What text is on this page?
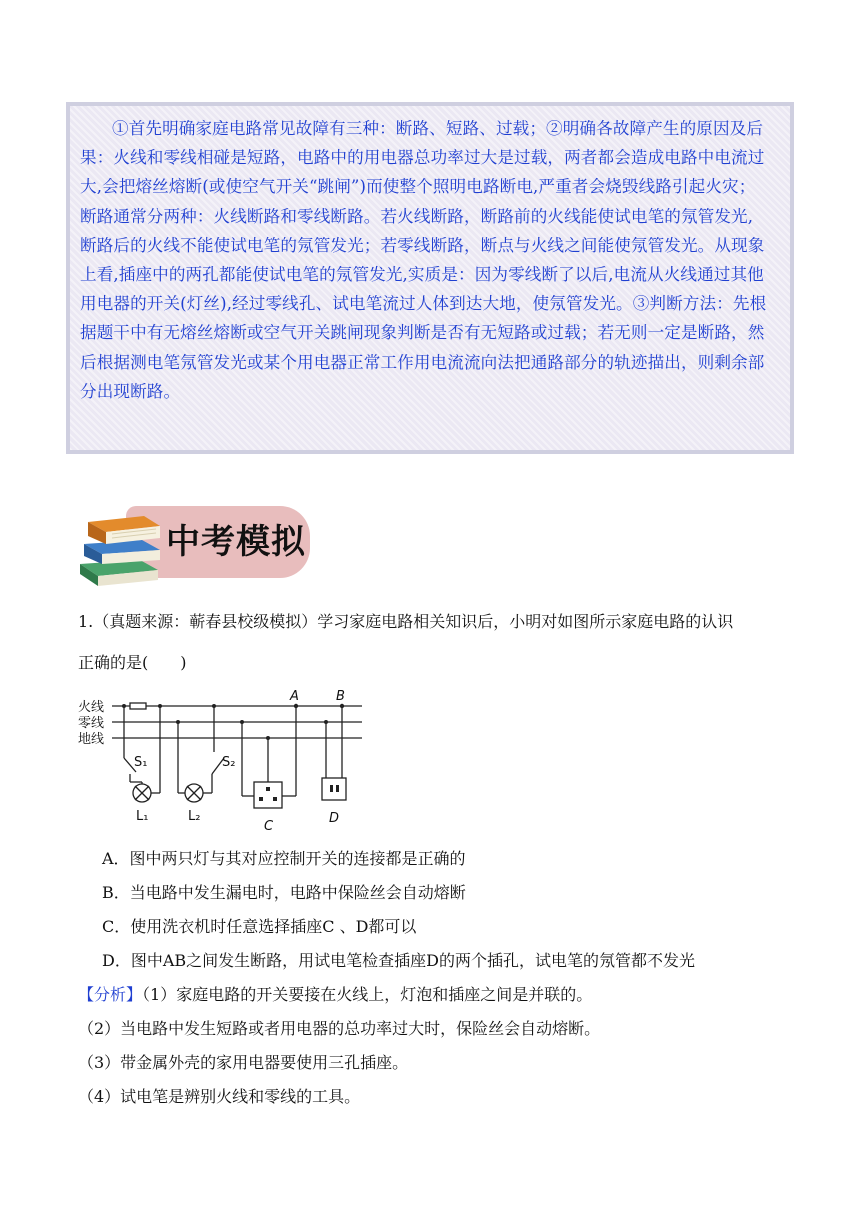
①首先明确家庭电路常见故障有三种：断路、短路、过载；②明确各故障产生的原因及后
果：火线和零线相碰是短路，电路中的用电器总功率过大是过载，两者都会造成电路中电流过
大,会把熔丝熔断(或使空气开关“跳闸”)而使整个照明电路断电,严重者会烧毁线路引起火灾；
断路通常分两种：火线断路和零线断路。若火线断路，断路前的火线能使试电笔的氖管发光,
断路后的火线不能使试电笔的氖管发光；若零线断路，断点与火线之间能使氖管发光。从现象
上看,插座中的两孔都能使试电笔的氖管发光,实质是：因为零线断了以后,电流从火线通过其他
用电器的开关(灯丝),经过零线孔、试电笔流过人体到达大地，使氖管发光。③判断方法：先根
据题干中有无熔丝熔断或空气开关跳闸现象判断是否有无短路或过载；若无则一定是断路，然
后根据测电笔氖管发光或某个用电器正常工作用电流流向法把通路部分的轨迹描出，则剩余部
分出现断路。
中考模拟
1.（真题来源：蕲春县校级模拟）学习家庭电路相关知识后，小明对如图所示家庭电路的认识
正确的是(　　)
火线
零线
地线
A	B
S₁	S₂
L₁	L₂
C
D
A．图中两只灯与其对应控制开关的连接都是正确的
B．当电路中发生漏电时，电路中保险丝会自动熔断
C．使用洗衣机时任意选择插座C 、D都可以
D．图中AB之间发生断路，用试电笔检查插座D的两个插孔，试电笔的氖管都不发光
【分析】（1）家庭电路的开关要接在火线上，灯泡和插座之间是并联的。
（2）当电路中发生短路或者用电器的总功率过大时，保险丝会自动熔断。
（3）带金属外壳的家用电器要使用三孔插座。
（4）试电笔是辨别火线和零线的工具。
